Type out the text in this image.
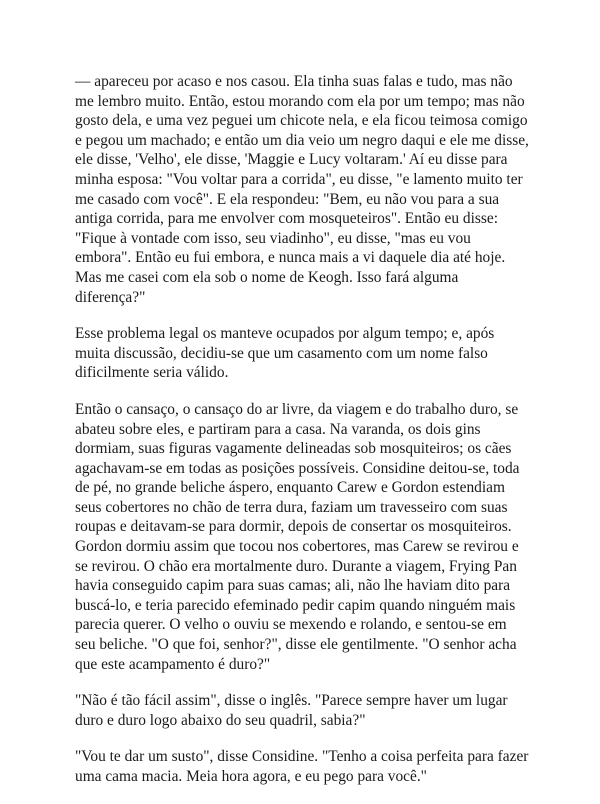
— apareceu por acaso e nos casou. Ela tinha suas falas e tudo, mas não me lembro muito. Então, estou morando com ela por um tempo; mas não gosto dela, e uma vez peguei um chicote nela, e ela ficou teimosa comigo e pegou um machado; e então um dia veio um negro daqui e ele me disse, ele disse, 'Velho', ele disse, 'Maggie e Lucy voltaram.' Aí eu disse para minha esposa: "Vou voltar para a corrida", eu disse, "e lamento muito ter me casado com você". E ela respondeu: "Bem, eu não vou para a sua antiga corrida, para me envolver com mosqueteiros". Então eu disse: "Fique à vontade com isso, seu viadinho", eu disse, "mas eu vou embora". Então eu fui embora, e nunca mais a vi daquele dia até hoje. Mas me casei com ela sob o nome de Keogh. Isso fará alguma diferença?"

Esse problema legal os manteve ocupados por algum tempo; e, após muita discussão, decidiu-se que um casamento com um nome falso dificilmente seria válido.

Então o cansaço, o cansaço do ar livre, da viagem e do trabalho duro, se abateu sobre eles, e partiram para a casa. Na varanda, os dois gins dormiam, suas figuras vagamente delineadas sob mosquiteiros; os cães agachavam-se em todas as posições possíveis. Considine deitou-se, toda de pé, no grande beliche áspero, enquanto Carew e Gordon estendiam seus cobertores no chão de terra dura, faziam um travesseiro com suas roupas e deitavam-se para dormir, depois de consertar os mosquiteiros. Gordon dormiu assim que tocou nos cobertores, mas Carew se revirou e se revirou. O chão era mortalmente duro. Durante a viagem, Frying Pan havia conseguido capim para suas camas; ali, não lhe haviam dito para buscá-lo, e teria parecido efeminado pedir capim quando ninguém mais parecia querer. O velho o ouviu se mexendo e rolando, e sentou-se em seu beliche. "O que foi, senhor?", disse ele gentilmente. "O senhor acha que este acampamento é duro?"

"Não é tão fácil assim", disse o inglês. "Parece sempre haver um lugar duro e duro logo abaixo do seu quadril, sabia?"

"Vou te dar um susto", disse Considine. "Tenho a coisa perfeita para fazer uma cama macia. Meia hora agora, e eu pego para você."
